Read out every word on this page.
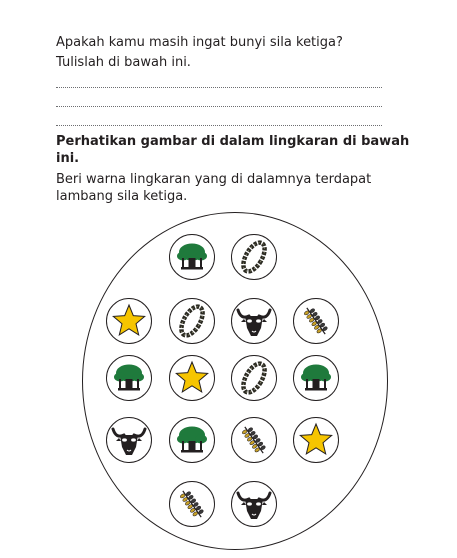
Apakah kamu masih ingat bunyi sila ketiga?
Tulislah di bawah ini.
Perhatikan gambar di dalam lingkaran di bawah
ini.
Beri warna lingkaran yang di dalamnya terdapat
lambang sila ketiga.
